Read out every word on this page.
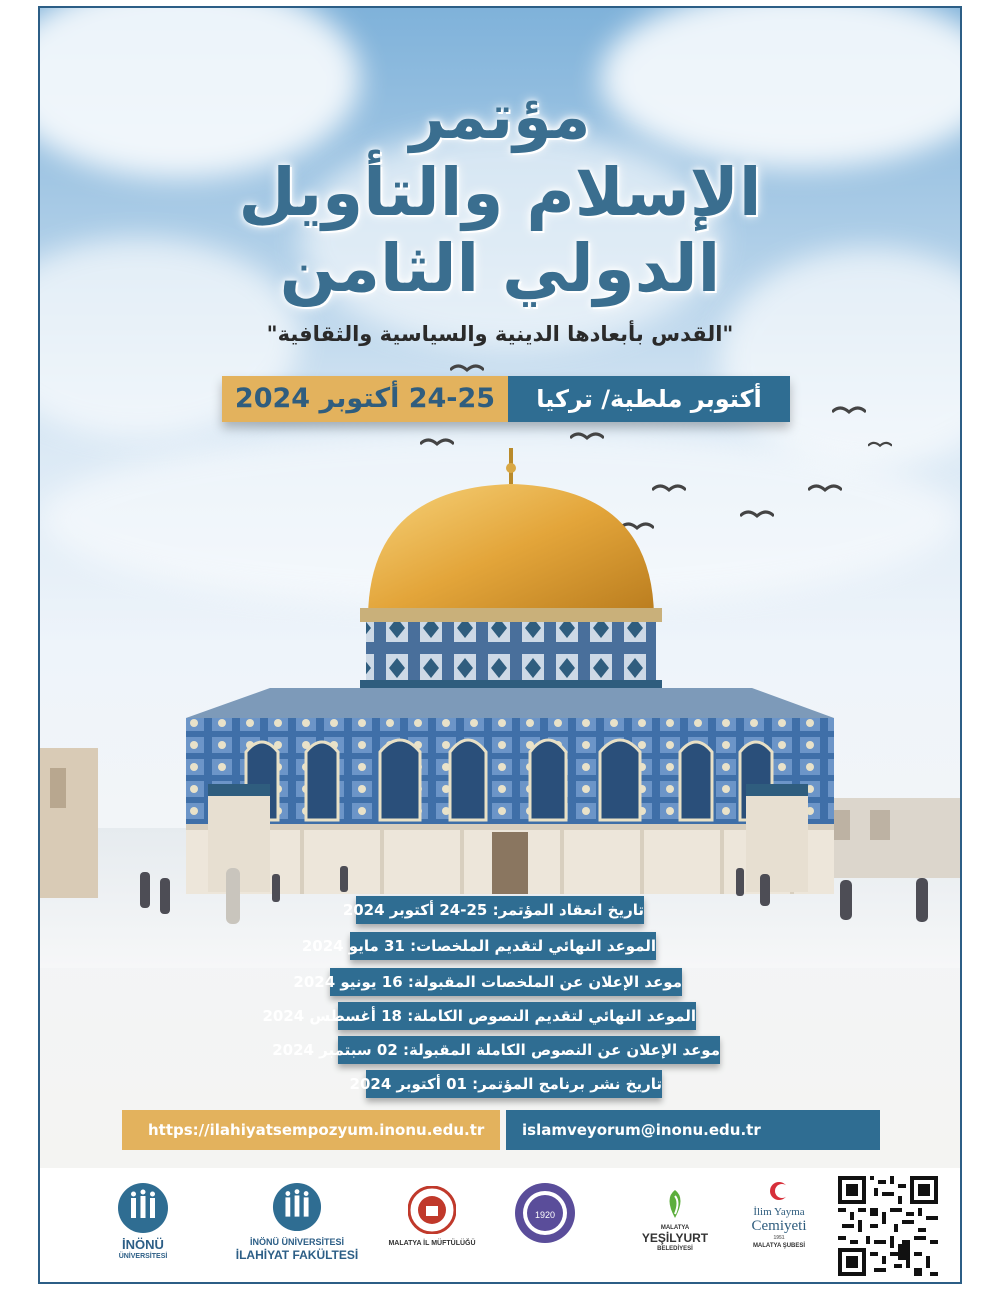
مؤتمر
الإسلام والتأويل
الدولي الثامن
"القدس بأبعادها الدينية والسياسية والثقافية"
24-25 أكتوبر 2024	أكتوبر ملطية/ تركيا
تاريخ انعقاد المؤتمر: 25-24 أكتوبر 2024
الموعد النهائي لتقديم الملخصات: 31 مايو 2024
موعد الإعلان عن الملخصات المقبولة: 16 يونيو 2024
الموعد النهائي لتقديم النصوص الكاملة: 18 أغسطس 2024
موعد الإعلان عن النصوص الكاملة المقبولة: 02 سبتمبر 2024
تاريخ نشر برنامج المؤتمر: 01 أكتوبر 2024
https://ilahiyatsempozyum.inonu.edu.tr	islamveyorum@inonu.edu.tr
İNÖNÜ
ÜNİVERSİTESİ
İNÖNÜ ÜNİVERSİTESİ
İLAHİYAT FAKÜLTESİ
MALATYA İL MÜFTÜLÜĞÜ
1920
MALATYA
YEŞİLYURT
BELEDİYESİ
İlim Yayma
Cemiyeti
1951
MALATYA ŞUBESİ
